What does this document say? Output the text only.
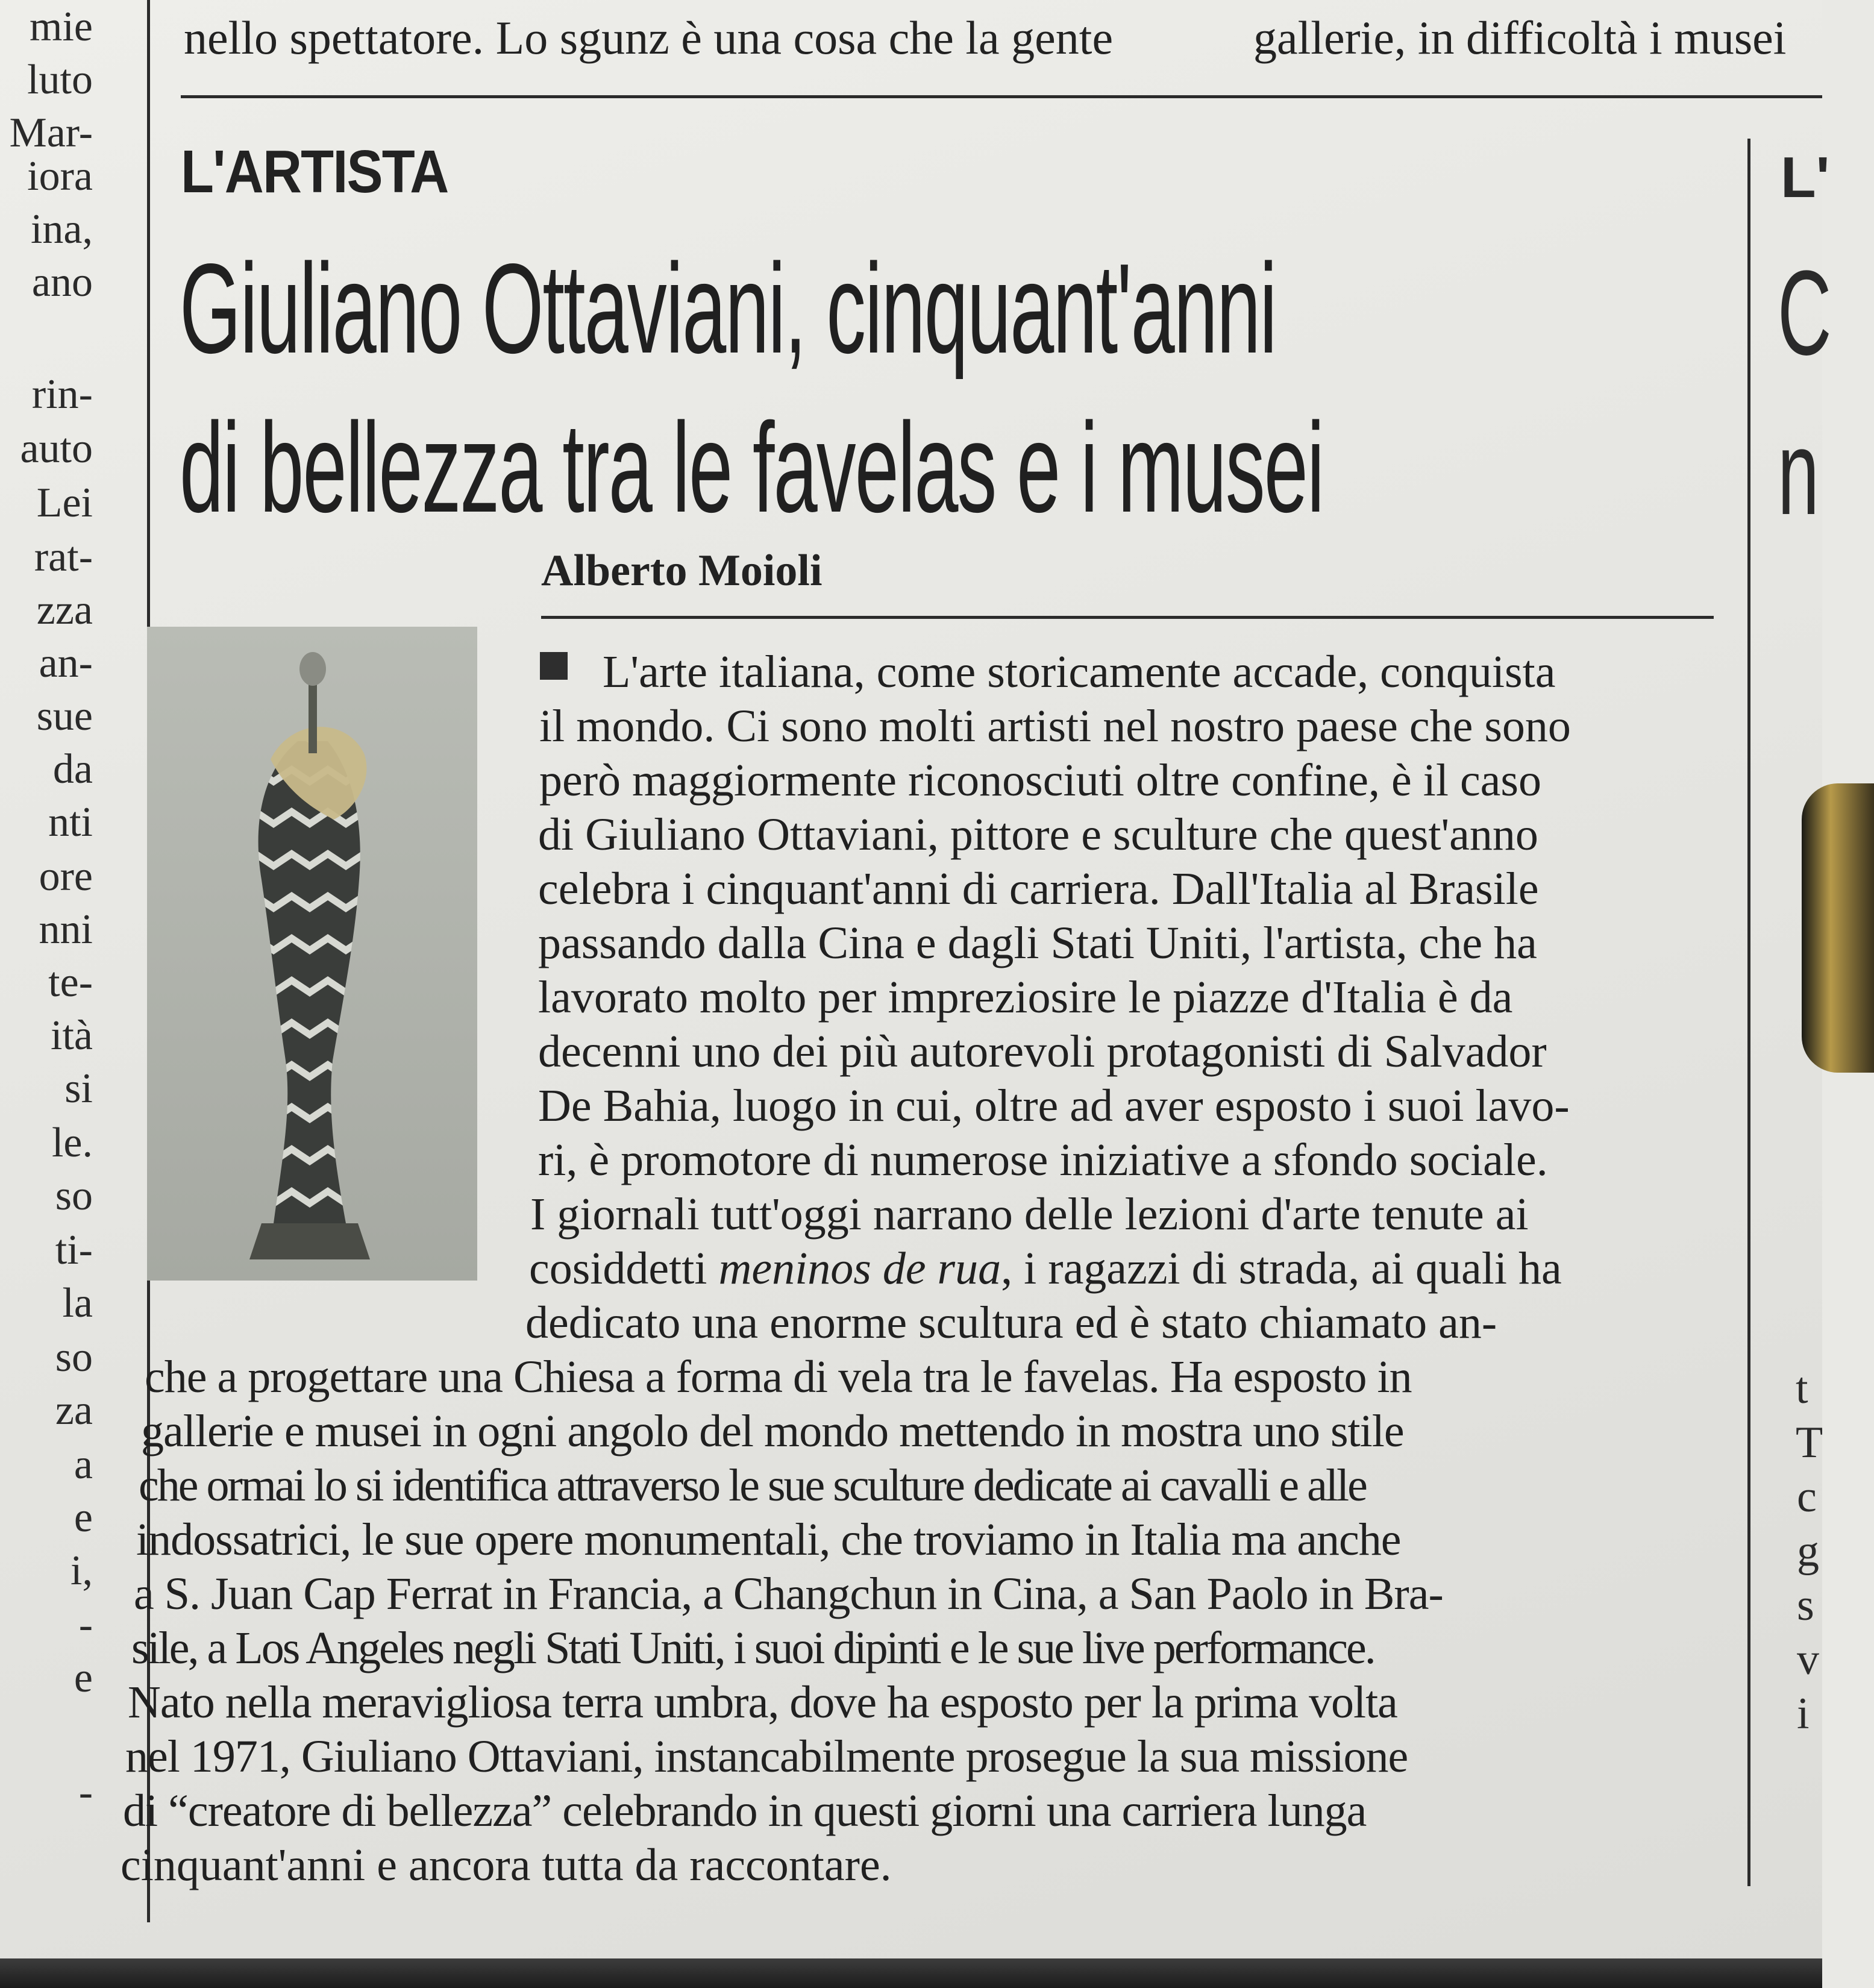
mie
luto
Mar-
iora
ina,
ano
rin-
auto
Lei
rat-
zza
an-
sue
da
nti
ore
nni
te-
ità
si
le.
so
ti-
la
so
za
a
e
i,
-
e
-
nello spettatore. Lo sgunz è una cosa che la gente	gallerie, in difficoltà i musei
L'ARTISTA
Giuliano Ottaviani, cinquant'anni
di bellezza tra le favelas e i musei
Alberto Moioli
L'arte italiana, come storicamente accade, conquista
il mondo. Ci sono molti artisti nel nostro paese che sono
però maggiormente riconosciuti oltre confine, è il caso
di Giuliano Ottaviani, pittore e sculture che quest'anno
celebra i cinquant'anni di carriera. Dall'Italia al Brasile
passando dalla Cina e dagli Stati Uniti, l'artista, che ha
lavorato molto per impreziosire le piazze d'Italia è da
decenni uno dei più autorevoli protagonisti di Salvador
De Bahia, luogo in cui, oltre ad aver esposto i suoi lavo-
ri, è promotore di numerose iniziative a sfondo sociale.
I giornali tutt'oggi narrano delle lezioni d'arte tenute ai
cosiddetti meninos de rua, i ragazzi di strada, ai quali ha
dedicato una enorme scultura ed è stato chiamato an-
che a progettare una Chiesa a forma di vela tra le favelas. Ha esposto in
gallerie e musei in ogni angolo del mondo mettendo in mostra uno stile
che ormai lo si identifica attraverso le sue sculture dedicate ai cavalli e alle
indossatrici, le sue opere monumentali, che troviamo in Italia ma anche
a S. Juan Cap Ferrat in Francia, a Changchun in Cina, a San Paolo in Bra-
sile, a Los Angeles negli Stati Uniti, i suoi dipinti e le sue live performance.
Nato nella meravigliosa terra umbra, dove ha esposto per la prima volta
nel 1971, Giuliano Ottaviani, instancabilmente prosegue la sua missione
di “creatore di bellezza” celebrando in questi giorni una carriera lunga
cinquant'anni e ancora tutta da raccontare.
L'
C
n
t
T
c
g
s
v
i
